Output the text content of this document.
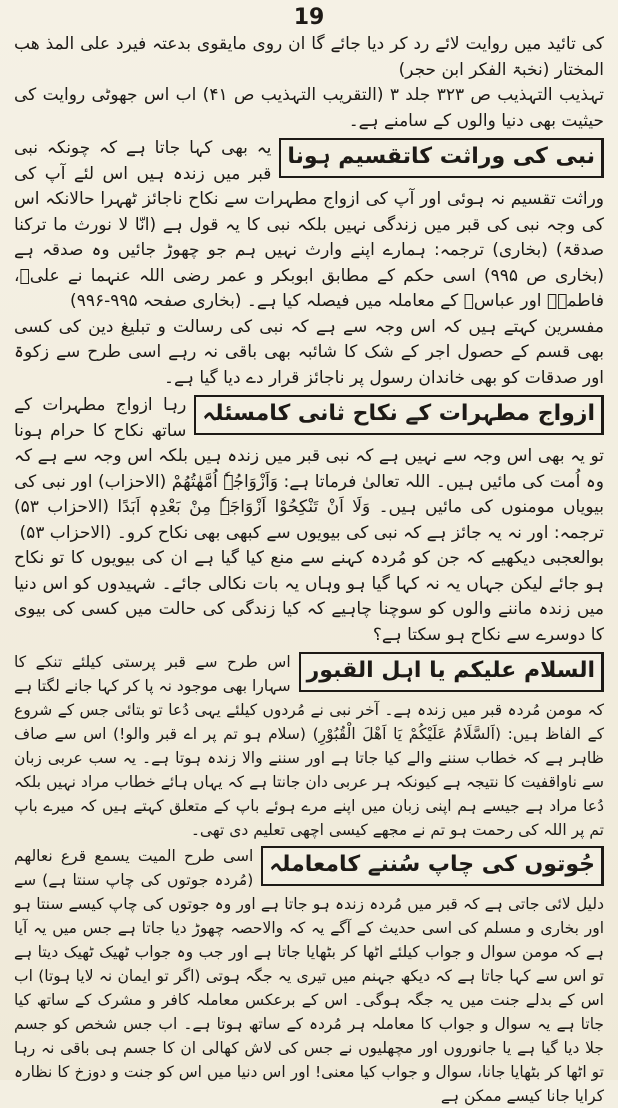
19

کی تائید میں روایت لائے رد کر دیا جائے گا ان روی مایقوی بدعتہ فیرد علی المذ ھب المختار (نخبۃ الفکر ابن حجر)

تہذیب التہذیب ص ۳۲۳ جلد ۳ (التقریب التہذیب ص ۴۱) اب اس جھوٹی روایت کی حیثیت بھی دنیا والوں کے سامنے ہے۔

نبی کی وراثت کاتقسیم ہونا

یہ بھی کہا جاتا ہے کہ چونکہ نبی قبر میں زندہ ہیں اس لئے آپ کی وراثت تقسیم نہ ہوئی اور آپ کی ازواج مطہرات سے نکاح ناجائز ٹھہرا حالانکہ اس کی وجہ نبی کی قبر میں زندگی نہیں بلکہ نبی کا یہ قول ہے (انّا لا نورث ما ترکنا صدقۃ) (بخاری) ترجمہ: ہمارے اپنے وارث نہیں ہم جو چھوڑ جائیں وہ صدقہ ہے (بخاری ص ۹۹۵) اسی حکم کے مطابق ابوبکر و عمر رضی اللہ عنہما نے علیؓ، فاطمہؓ اور عباسؓ کے معاملہ میں فیصلہ کیا ہے۔ (بخاری صفحہ ۹۹۵-۹۹۶)

مفسرین کہتے ہیں کہ اس وجہ سے ہے کہ نبی کی رسالت و تبلیغ دین کی کسی بھی قسم کے حصول اجر کے شک کا شائبہ بھی باقی نہ رہے اسی طرح سے زکوۃ اور صدقات کو بھی خاندان رسول پر ناجائز قرار دے دیا گیا ہے۔

ازواج مطہرات کے نکاح ثانی کامسئلہ

رہا ازواج مطہرات کے ساتھ نکاح کا حرام ہونا تو یہ بھی اس وجہ سے نہیں ہے کہ نبی قبر میں زندہ ہیں بلکہ اس وجہ سے ہے کہ وہ اُمت کی مائیں ہیں۔ اللہ تعالیٰ فرماتا ہے: وَاَزْوَاجُہٗ اُمَّھٰتُھُمْ (الاحزاب) اور نبی کی بیویاں مومنوں کی مائیں ہیں۔ وَلَا اَنْ تَنْکِحُوْا اَزْوَاجَہٗ مِنْ بَعْدِہٖ اَبَدًا (الاحزاب ۵۳) ترجمہ: اور نہ یہ جائز ہے کہ نبی کی بیویوں سے کبھی بھی نکاح کرو۔ (الاحزاب ۵۳)

بوالعجبی دیکھیے کہ جن کو مُردہ کہنے سے منع کیا گیا ہے ان کی بیویوں کا تو نکاح ہو جائے لیکن جہاں یہ نہ کہا گیا ہو وہاں یہ بات نکالی جائے۔ شہیدوں کو اس دنیا میں زندہ ماننے والوں کو سوچنا چاہیے کہ کیا زندگی کی حالت میں کسی کی بیوی کا دوسرے سے نکاح ہو سکتا ہے؟

السلام علیکم یا اہل القبور

اس طرح سے قبر پرستی کیلئے تنکے کا سہارا بھی موجود نہ پا کر کہا جانے لگتا ہے کہ مومن مُردہ قبر میں زندہ ہے۔ آخر نبی نے مُردوں کیلئے یہی دُعا تو بتائی جس کے شروع کے الفاظ ہیں: (اَلسَّلَامُ عَلَیْکُمْ یَا اَھْلَ الْقُبُوْرِ) (سلام ہو تم پر اے قبر والو!) اس سے صاف ظاہر ہے کہ خطاب سننے والے کیا جاتا ہے اور سننے والا زندہ ہوتا ہے۔ یہ سب عربی زبان سے ناواقفیت کا نتیجہ ہے کیونکہ ہر عربی دان جانتا ہے کہ یہاں ہائے خطاب مراد نہیں بلکہ دُعا مراد ہے جیسے ہم اپنی زبان میں اپنے مرے ہوئے باپ کے متعلق کہتے ہیں کہ میرے باپ تم پر اللہ کی رحمت ہو تم نے مجھے کیسی اچھی تعلیم دی تھی۔

جُوتوں کی چاپ سُننے کامعاملہ

اسی طرح المیت یسمع قرع نعالھم (مُردہ جوتوں کی چاپ سنتا ہے) سے دلیل لائی جاتی ہے کہ قبر میں مُردہ زندہ ہو جاتا ہے اور وہ جوتوں کی چاپ کیسے سنتا ہو اور بخاری و مسلم کی اسی حدیث کے آگے یہ کہ والاحصہ چھوڑ دیا جاتا ہے جس میں یہ آیا ہے کہ مومن سوال و جواب کیلئے اٹھا کر بٹھایا جاتا ہے اور جب وہ جواب ٹھیک ٹھیک دیتا ہے تو اس سے کہا جاتا ہے کہ دیکھ جہنم میں تیری یہ جگہ ہوتی (اگر تو ایمان نہ لایا ہوتا) اب اس کے بدلے جنت میں یہ جگہ ہوگی۔ اس کے برعکس معاملہ کافر و مشرک کے ساتھ کیا جاتا ہے یہ سوال و جواب کا معاملہ ہر مُردہ کے ساتھ ہوتا ہے۔ اب جس شخص کو جسم جلا دیا گیا ہے یا جانوروں اور مچھلیوں نے جس کی لاش کھالی ان کا جسم ہی باقی نہ رہا تو اٹھا کر بٹھایا جانا، سوال و جواب کیا معنی! اور اس دنیا میں اس کو جنت و دوزخ کا نظارہ کرایا جانا کیسے ممکن ہے
